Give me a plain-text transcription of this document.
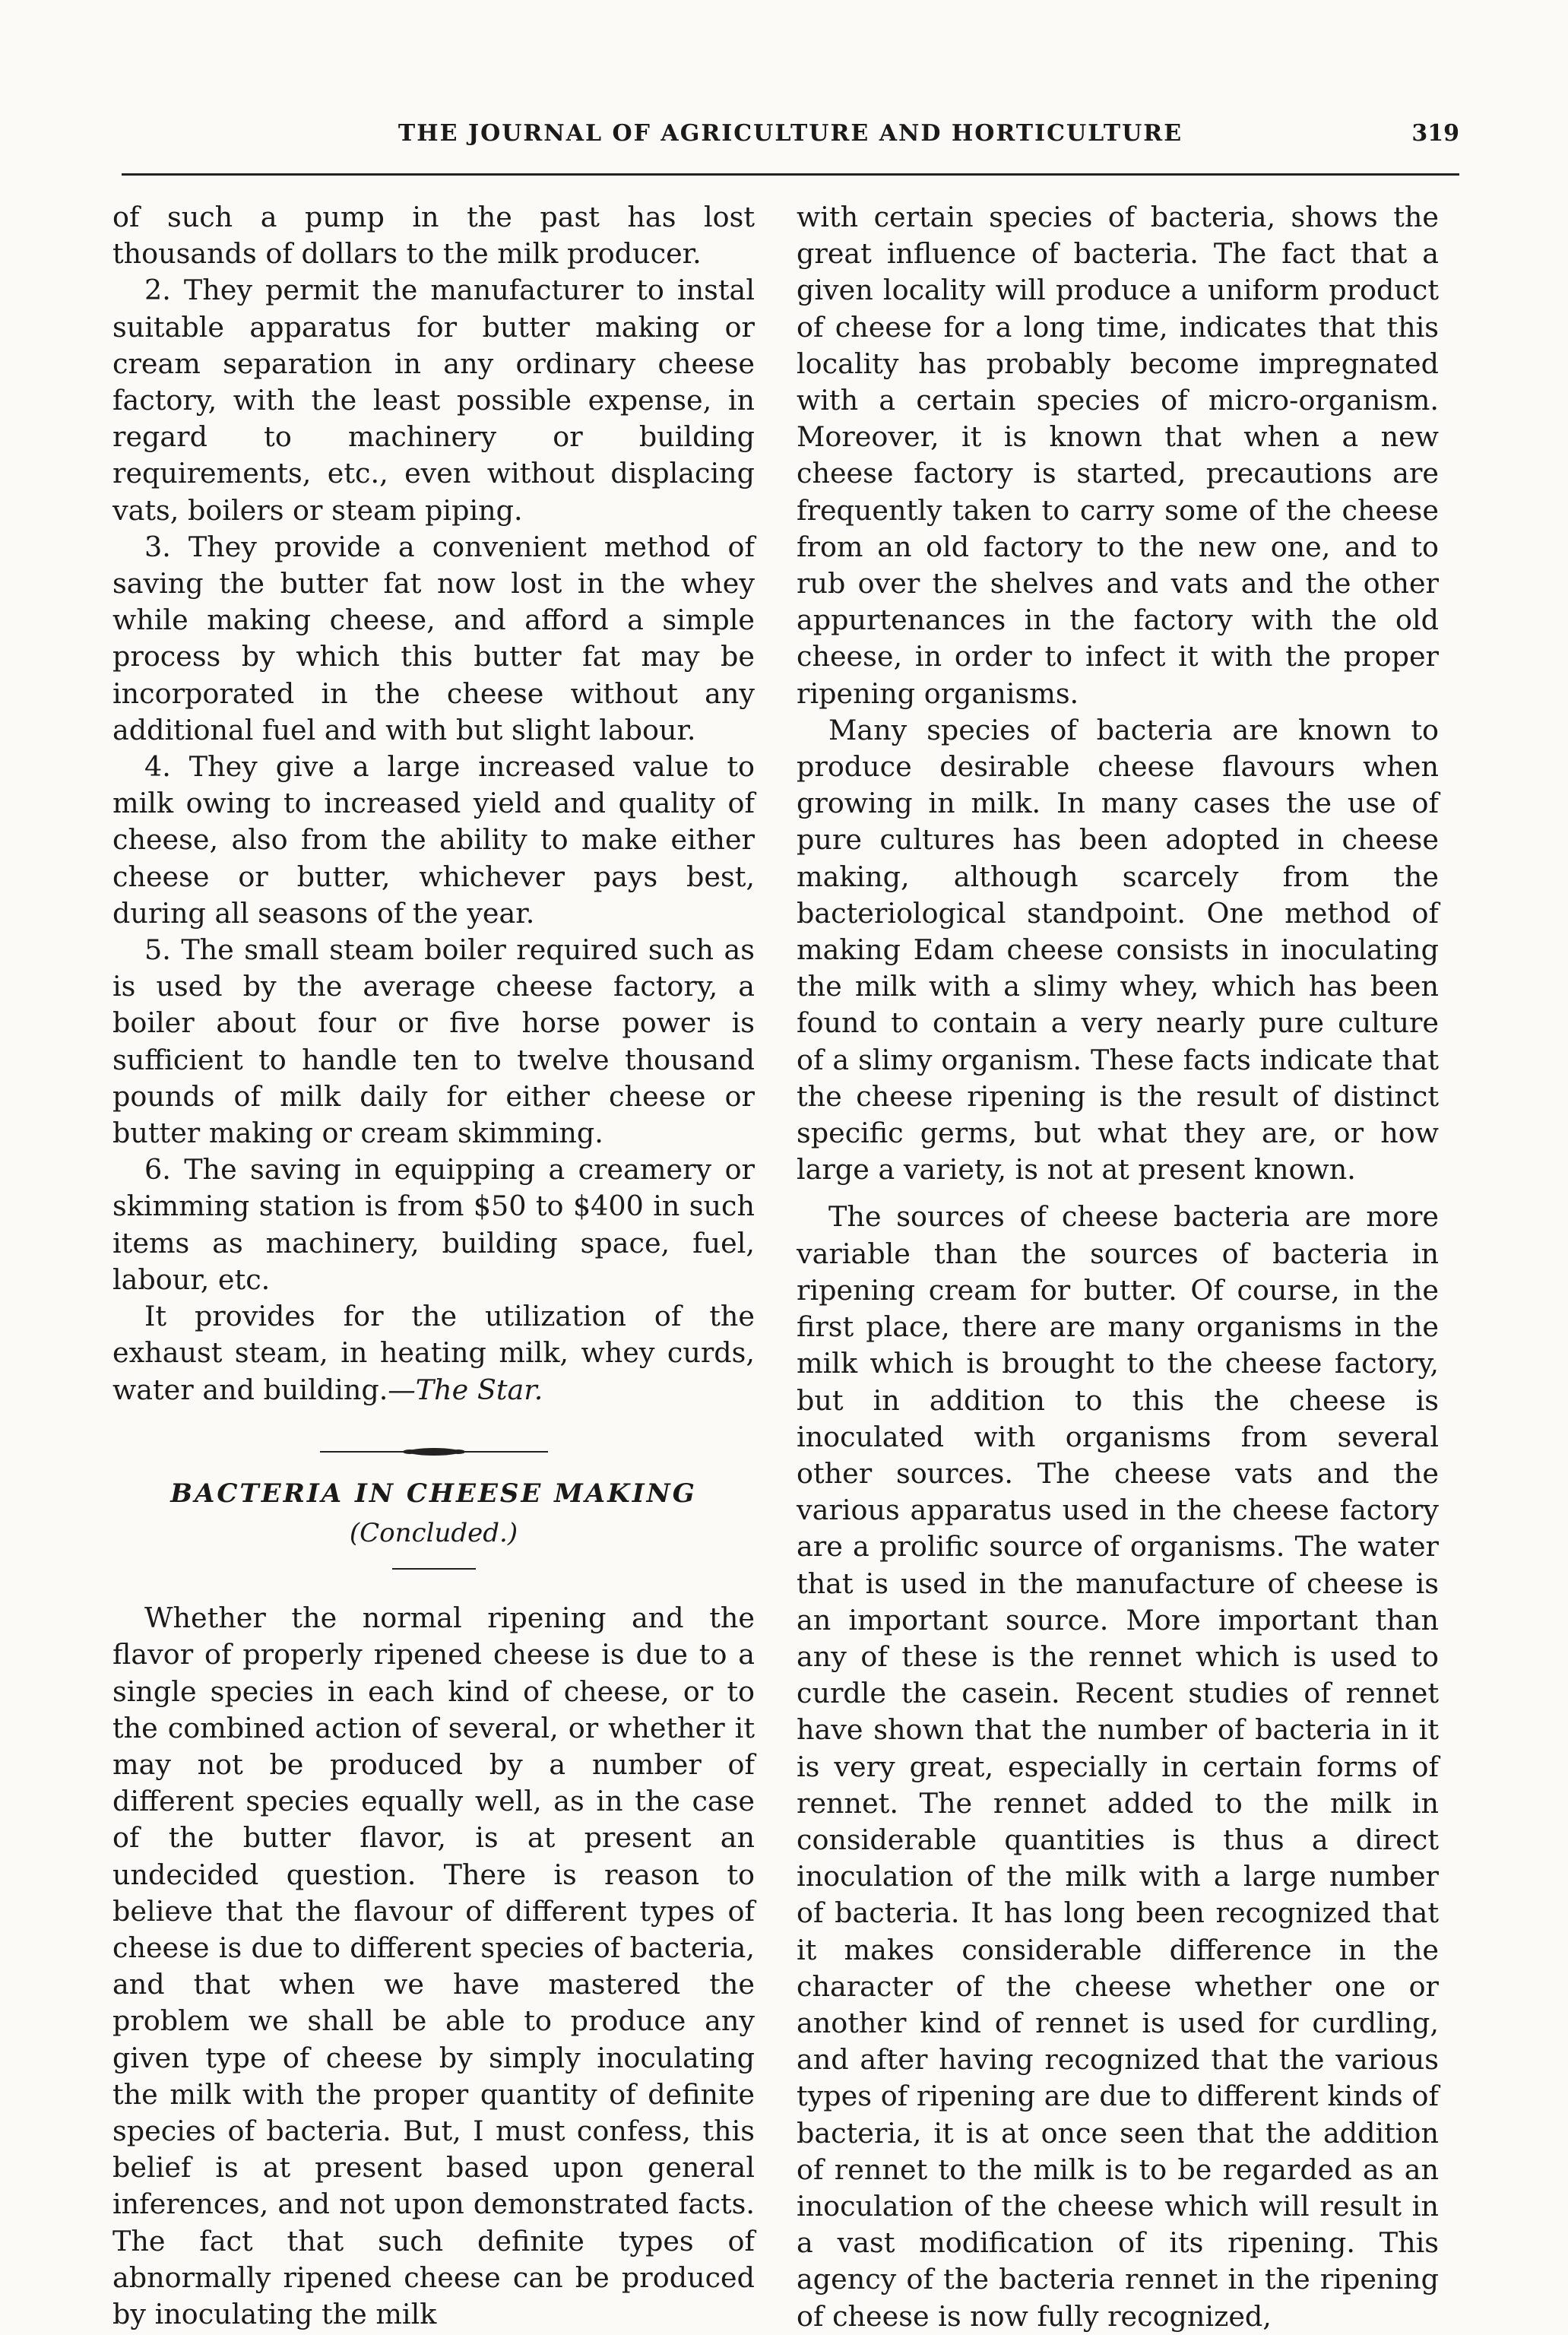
THE JOURNAL OF AGRICULTURE AND HORTICULTURE	319

of such a pump in the past has lost thousands of dollars to the milk producer.

2. They permit the manufacturer to instal suitable apparatus for butter making or cream separation in any ordinary cheese factory, with the least possible expense, in regard to machinery or building requirements, etc., even without displacing vats, boilers or steam piping.

3. They provide a convenient method of saving the butter fat now lost in the whey while making cheese, and afford a simple process by which this butter fat may be incorporated in the cheese without any additional fuel and with but slight labour.

4. They give a large increased value to milk owing to increased yield and quality of cheese, also from the ability to make either cheese or butter, whichever pays best, during all seasons of the year.

5. The small steam boiler required such as is used by the average cheese factory, a boiler about four or five horse power is sufficient to handle ten to twelve thousand pounds of milk daily for either cheese or butter making or cream skimming.

6. The saving in equipping a creamery or skimming station is from $50 to $400 in such items as machinery, building space, fuel, labour, etc.

It provides for the utilization of the exhaust steam, in heating milk, whey curds, water and building.—The Star.

BACTERIA IN CHEESE MAKING
(Concluded.)

Whether the normal ripening and the flavor of properly ripened cheese is due to a single species in each kind of cheese, or to the combined action of several, or whether it may not be produced by a number of different species equally well, as in the case of the butter flavor, is at present an undecided question. There is reason to believe that the flavour of different types of cheese is due to different species of bacteria, and that when we have mastered the problem we shall be able to produce any given type of cheese by simply inoculating the milk with the proper quantity of definite species of bacteria. But, I must confess, this belief is at present based upon general inferences, and not upon demonstrated facts. The fact that such definite types of abnormally ripened cheese can be produced by inoculating the milk

with certain species of bacteria, shows the great influence of bacteria. The fact that a given locality will produce a uniform product of cheese for a long time, indicates that this locality has probably become impregnated with a certain species of micro-organism. Moreover, it is known that when a new cheese factory is started, precautions are frequently taken to carry some of the cheese from an old factory to the new one, and to rub over the shelves and vats and the other appurtenances in the factory with the old cheese, in order to infect it with the proper ripening organisms.

Many species of bacteria are known to produce desirable cheese flavours when growing in milk. In many cases the use of pure cultures has been adopted in cheese making, although scarcely from the bacteriological standpoint. One method of making Edam cheese consists in inoculating the milk with a slimy whey, which has been found to contain a very nearly pure culture of a slimy organism. These facts indicate that the cheese ripening is the result of distinct specific germs, but what they are, or how large a variety, is not at present known.

The sources of cheese bacteria are more variable than the sources of bacteria in ripening cream for butter. Of course, in the first place, there are many organisms in the milk which is brought to the cheese factory, but in addition to this the cheese is inoculated with organisms from several other sources. The cheese vats and the various apparatus used in the cheese factory are a prolific source of organisms. The water that is used in the manufacture of cheese is an important source. More important than any of these is the rennet which is used to curdle the casein. Recent studies of rennet have shown that the number of bacteria in it is very great, especially in certain forms of rennet. The rennet added to the milk in considerable quantities is thus a direct inoculation of the milk with a large number of bacteria. It has long been recognized that it makes considerable difference in the character of the cheese whether one or another kind of rennet is used for curdling, and after having recognized that the various types of ripening are due to different kinds of bacteria, it is at once seen that the addition of rennet to the milk is to be regarded as an inoculation of the cheese which will result in a vast modification of its ripening. This agency of the bacteria rennet in the ripening of cheese is now fully recognized,
